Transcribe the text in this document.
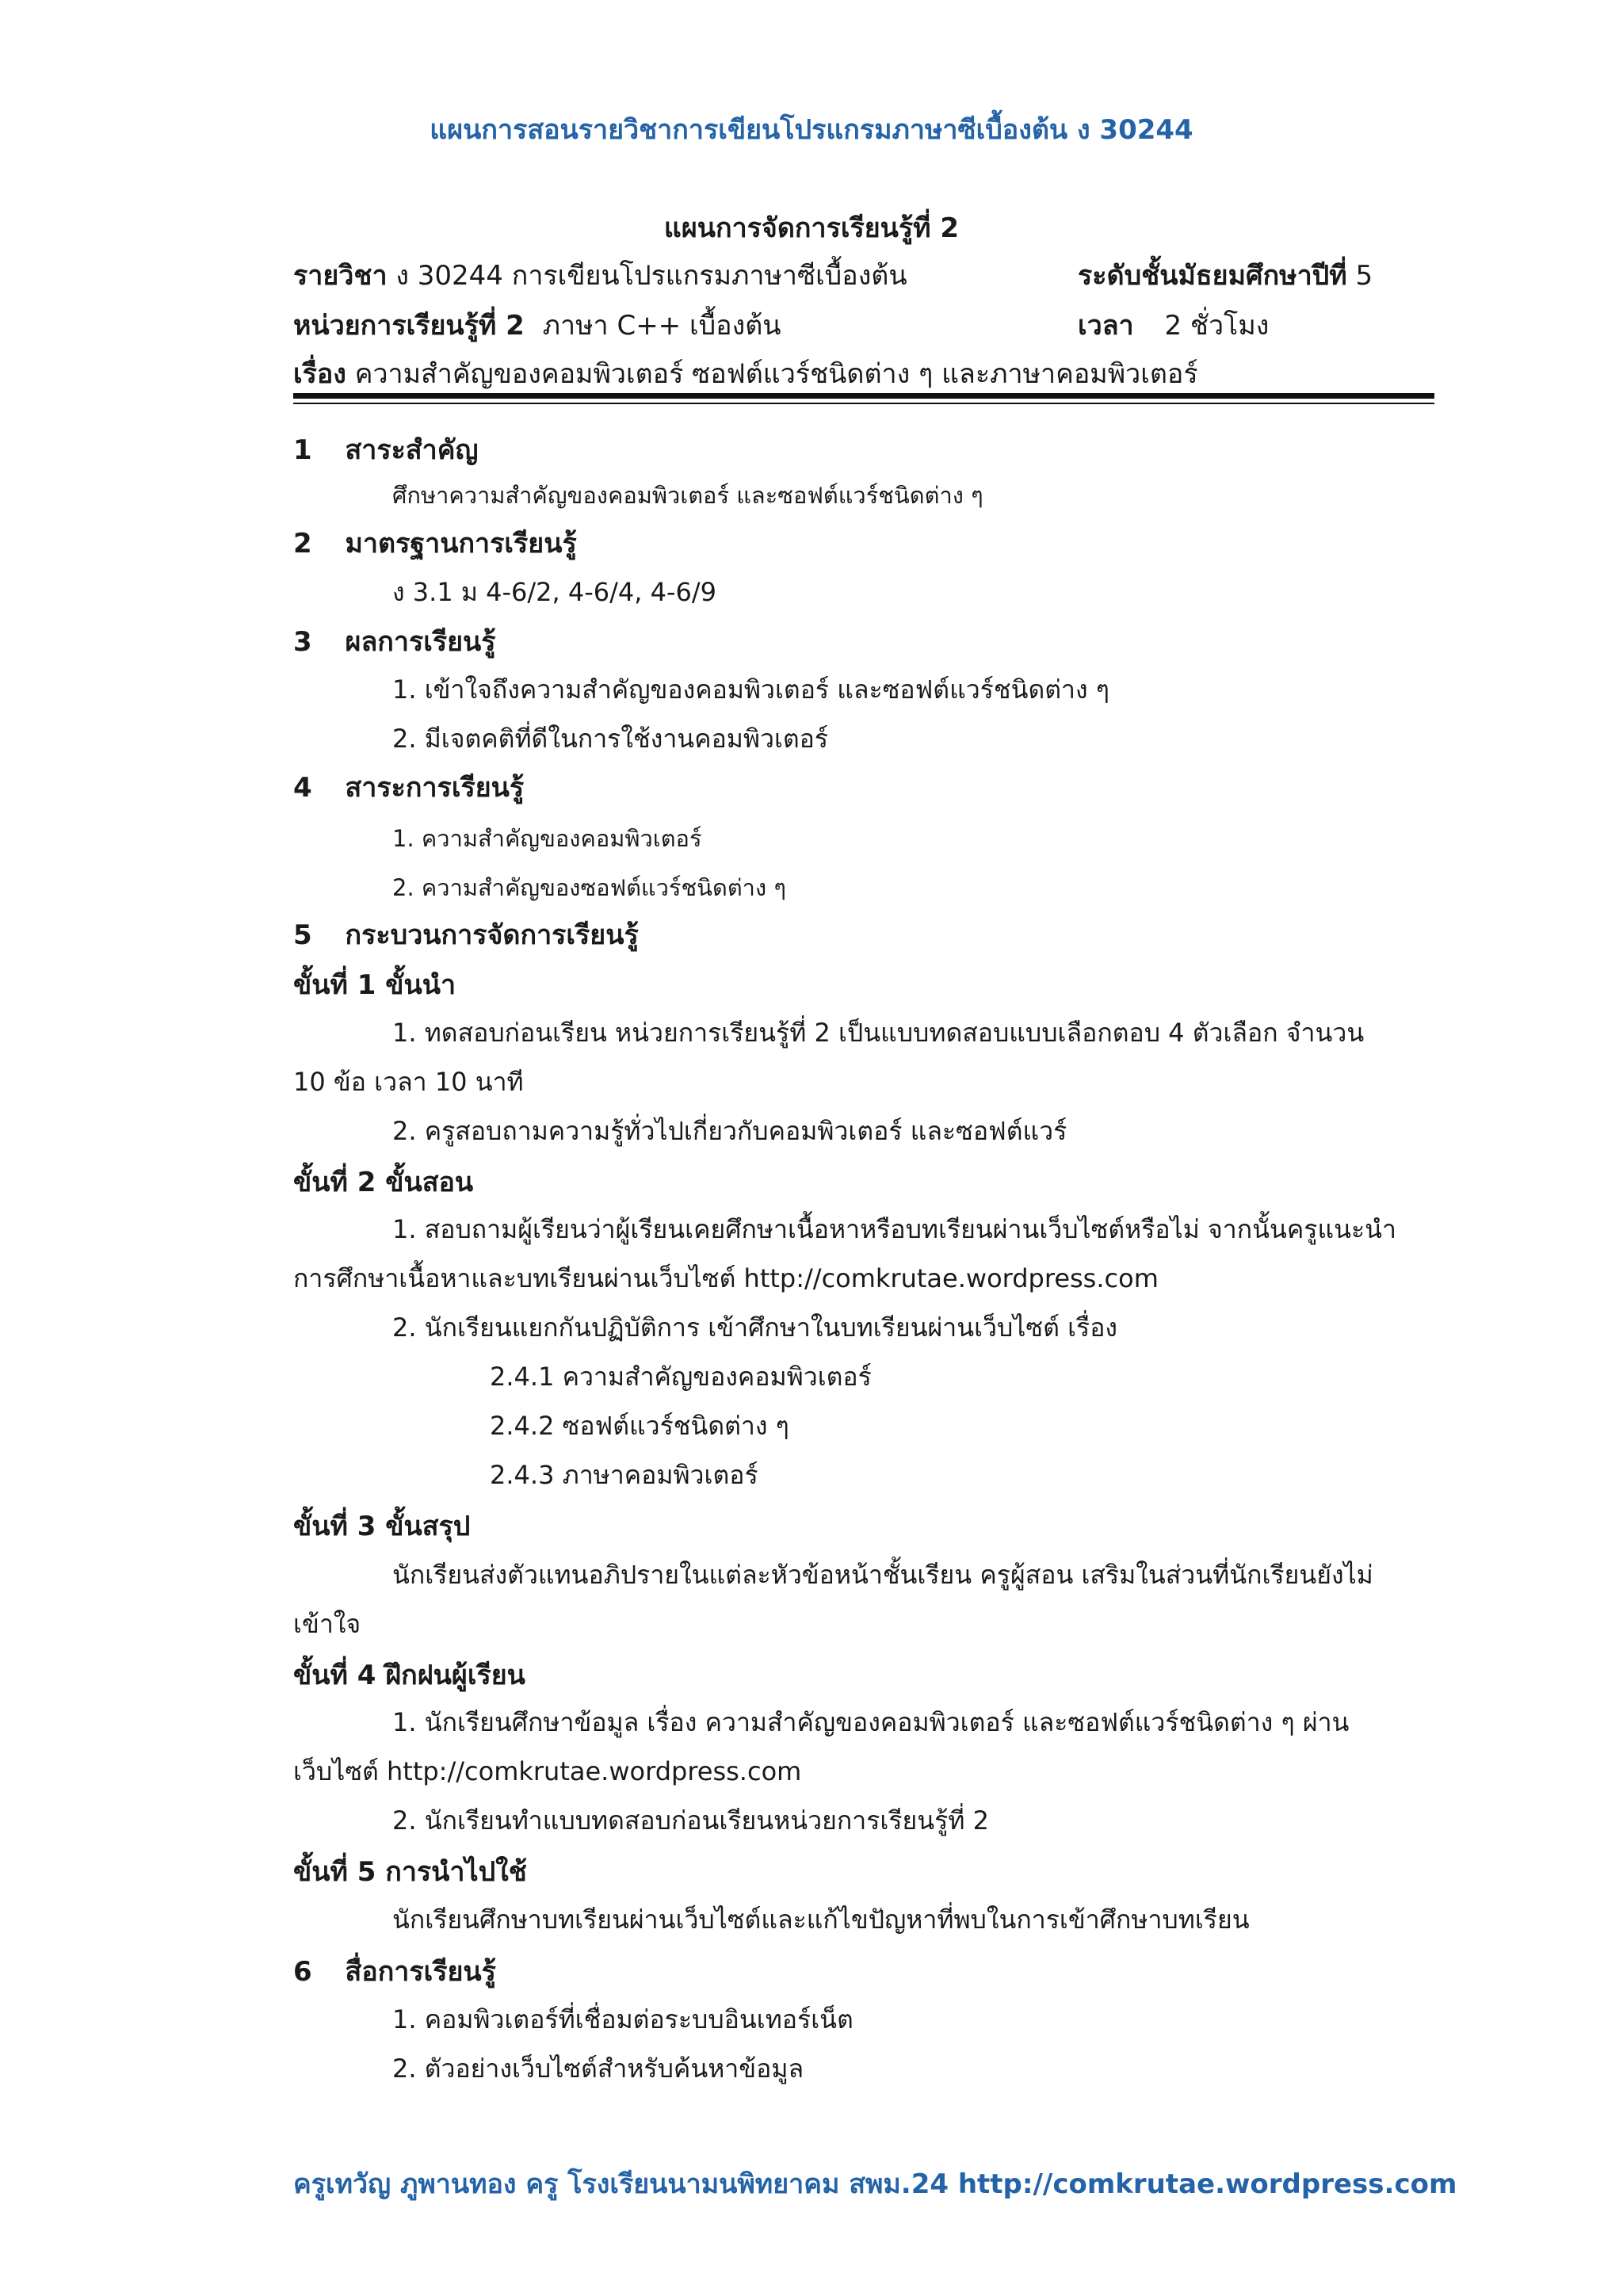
แผนการสอนรายวิชาการเขียนโปรแกรมภาษาซีเบื้องต้น ง 30244
แผนการจัดการเรียนรู้ที่ 2
รายวิชา ง 30244 การเขียนโปรแกรมภาษาซีเบื้องต้น	ระดับชั้นมัธยมศึกษาปีที่ 5
หน่วยการเรียนรู้ที่ 2 ภาษา C++ เบื้องต้น	เวลา 2 ชั่วโมง
เรื่อง ความสำคัญของคอมพิวเตอร์ ซอฟต์แวร์ชนิดต่าง ๆ และภาษาคอมพิวเตอร์
1 สาระสำคัญ
ศึกษาความสำคัญของคอมพิวเตอร์ และซอฟต์แวร์ชนิดต่าง ๆ
2 มาตรฐานการเรียนรู้
ง 3.1 ม 4-6/2, 4-6/4, 4-6/9
3 ผลการเรียนรู้
1. เข้าใจถึงความสำคัญของคอมพิวเตอร์ และซอฟต์แวร์ชนิดต่าง ๆ
2. มีเจตคติที่ดีในการใช้งานคอมพิวเตอร์
4 สาระการเรียนรู้
1. ความสำคัญของคอมพิวเตอร์
2. ความสำคัญของซอฟต์แวร์ชนิดต่าง ๆ
5 กระบวนการจัดการเรียนรู้
ขั้นที่ 1 ขั้นนำ
1. ทดสอบก่อนเรียน หน่วยการเรียนรู้ที่ 2 เป็นแบบทดสอบแบบเลือกตอบ 4 ตัวเลือก จำนวน
10 ข้อ เวลา 10 นาที
2. ครูสอบถามความรู้ทั่วไปเกี่ยวกับคอมพิวเตอร์ และซอฟต์แวร์
ขั้นที่ 2 ขั้นสอน
1. สอบถามผู้เรียนว่าผู้เรียนเคยศึกษาเนื้อหาหรือบทเรียนผ่านเว็บไซต์หรือไม่ จากนั้นครูแนะนำ
การศึกษาเนื้อหาและบทเรียนผ่านเว็บไซต์ http://comkrutae.wordpress.com
2. นักเรียนแยกกันปฏิบัติการ เข้าศึกษาในบทเรียนผ่านเว็บไซต์ เรื่อง
2.4.1 ความสำคัญของคอมพิวเตอร์
2.4.2 ซอฟต์แวร์ชนิดต่าง ๆ
2.4.3 ภาษาคอมพิวเตอร์
ขั้นที่ 3 ขั้นสรุป
นักเรียนส่งตัวแทนอภิปรายในแต่ละหัวข้อหน้าชั้นเรียน ครูผู้สอน เสริมในส่วนที่นักเรียนยังไม่
เข้าใจ
ขั้นที่ 4 ฝึกฝนผู้เรียน
1. นักเรียนศึกษาข้อมูล เรื่อง ความสำคัญของคอมพิวเตอร์ และซอฟต์แวร์ชนิดต่าง ๆ ผ่าน
เว็บไซต์ http://comkrutae.wordpress.com
2. นักเรียนทำแบบทดสอบก่อนเรียนหน่วยการเรียนรู้ที่ 2
ขั้นที่ 5 การนำไปใช้
นักเรียนศึกษาบทเรียนผ่านเว็บไซต์และแก้ไขปัญหาที่พบในการเข้าศึกษาบทเรียน
6 สื่อการเรียนรู้
1. คอมพิวเตอร์ที่เชื่อมต่อระบบอินเทอร์เน็ต
2. ตัวอย่างเว็บไซต์สำหรับค้นหาข้อมูล
ครูเทวัญ ภูพานทอง ครู โรงเรียนนามนพิทยาคม สพม.24 http://comkrutae.wordpress.com
